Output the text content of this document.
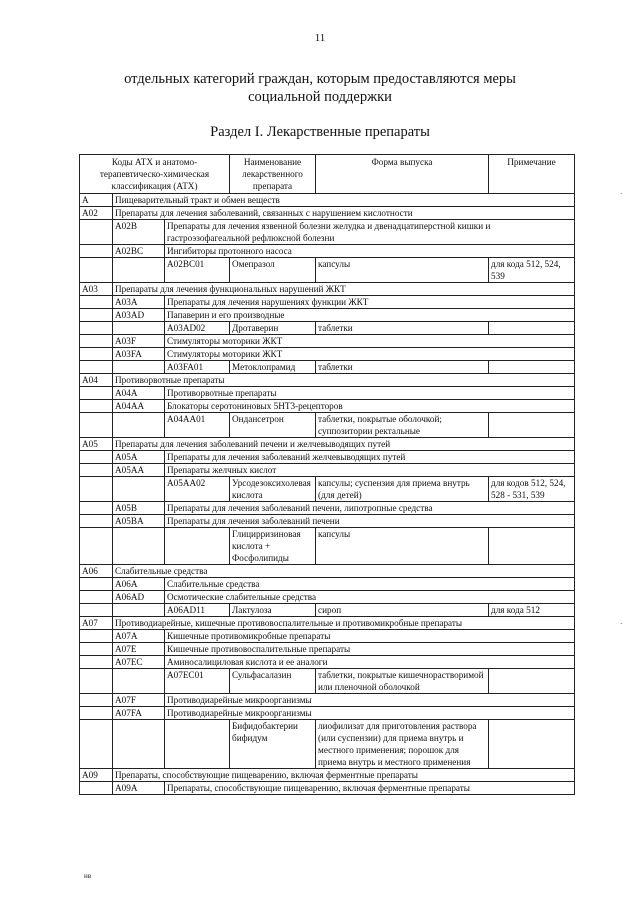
11
отдельных категорий граждан, которым предоставляются меры
социальной поддержки
Раздел I. Лекарственные препараты
Коды АТХ и анатомо-терапевтическо-химическая классификация (АТХ)			Наименование лекарственного препарата	Форма выпуска	Примечание
A	Пищеварительный тракт и обмен веществ				
A02	Препараты для лечения заболеваний, связанных с нарушением кислотности				
	A02B	Препараты для лечения язвенной болезни желудка и двенадцатиперстной кишки и гастроэзофагеальной рефлюксной болезни			
	A02BC	Ингибиторы протонного насоса			
		A02BC01	Омепразол	капсулы	для кода 512, 524, 539
A03	Препараты для лечения функциональных нарушений ЖКТ				
	A03A	Препараты для лечения нарушениях функции ЖКТ			
	A03AD	Папаверин и его производные			
		A03AD02	Дротаверин	таблетки	
	A03F	Стимуляторы моторики ЖКТ			
	A03FA	Стимуляторы моторики ЖКТ			
		A03FA01	Метоклопрамид	таблетки	
A04	Противорвотные препараты				
	A04A	Противорвотные препараты			
	A04AA	Блокаторы серотониновых 5НТ3-рецепторов			
		A04AA01	Ондансетрон	таблетки, покрытые оболочкой; суппозитории ректальные	
A05	Препараты для лечения заболеваний печени и желчевыводящих путей				
	A05A	Препараты для лечения заболеваний желчевыводящих путей			
	A05AA	Препараты желчных кислот			
		A05AA02	Урсодезоксихолевая кислота	капсулы; суспензия для приема внутрь (для детей)	для кодов 512, 524, 528 - 531, 539
	A05B	Препараты для лечения заболеваний печени, липотропные средства			
	A05BA	Препараты для лечения заболеваний печени			
			Глицирризиновая кислота + Фосфолипиды	капсулы	
A06	Слабительные средства				
	A06A	Слабительные средства			
	A06AD	Осмотические слабительные средства			
		A06AD11	Лактулоза	сироп	для кода 512
A07	Противодиарейные, кишечные противовоспалительные и противомикробные препараты				
	A07A	Кишечные противомикробные препараты			
	A07E	Кишечные противовоспалительные препараты			
	A07EC	Аминосалициловая кислота и ее аналоги			
		A07EC01	Сульфасалазин	таблетки, покрытые кишечнорастворимой или пленочной оболочкой	
	A07F	Противодиарейные микроорганизмы			
	A07FA	Противодиарейные микроорганизмы			
			Бифидобактерии бифидум	лиофилизат для приготовления раствора (или суспензии) для приема внутрь и местного применения; порошок для приема внутрь и местного применения	
A09	Препараты, способствующие пищеварению, включая ферментные препараты				
	A09A	Препараты, способствующие пищеварению, включая ферментные препараты			
·
·
нв
